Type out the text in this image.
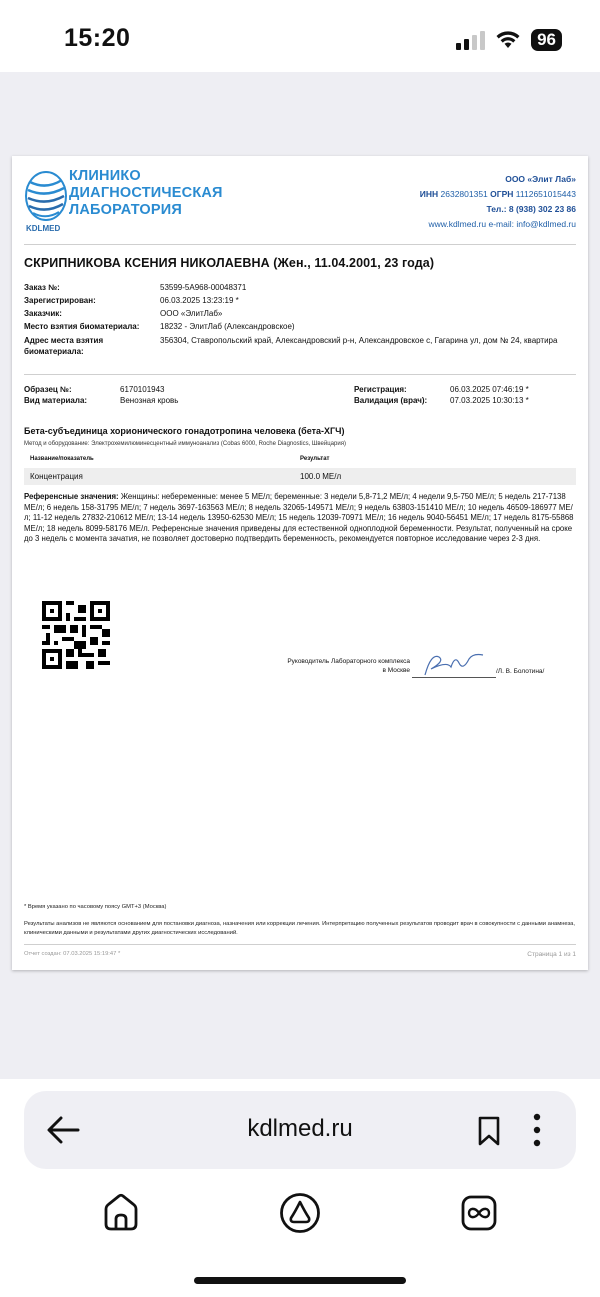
15:20	96
KDLMED
КЛИНИКО
ДИАГНОСТИЧЕСКАЯ
ЛАБОРАТОРИЯ
ООО «Элит Лаб»
ИНН 2632801351 ОГРН 1112651015443
Тел.: 8 (938) 302 23 86
www.kdlmed.ru e-mail: info@kdlmed.ru
СКРИПНИКОВА КСЕНИЯ НИКОЛАЕВНА (Жен., 11.04.2001, 23 года)
Заказ №:	53599-5A968-00048371
Зарегистрирован:	06.03.2025 13:23:19 *
Заказчик:	ООО «ЭлитЛаб»
Место взятия биоматериала:	18232 - ЭлитЛаб (Александровское)
Адрес места взятия биоматериала:
356304, Ставропольский край, Александровский р-н, Александровское с, Гагарина ул, дом № 24, квартира
Образец №:	6170101943
Вид материала:	Венозная кровь
Регистрация:	06.03.2025 07:46:19 *
Валидация (врач):	07.03.2025 10:30:13 *
Бета-субъединица хорионического гонадотропина человека (бета-ХГЧ)
Метод и оборудование: Электрохемилюминесцентный иммуноанализ (Cobas 6000, Roche Diagnostics, Швейцария)
Название/показатель	Результат
Концентрация	100.0 МЕ/л
Референсные значения: Женщины: небеременные: менее 5 МЕ/л; беременные: 3 недели 5,8-71,2 МЕ/л; 4 недели 9,5-750 МЕ/л; 5 недель 217-7138 МЕ/л; 6 недель 158-31795 МЕ/л; 7 недель 3697-163563 МЕ/л; 8 недель 32065-149571 МЕ/л; 9 недель 63803-151410 МЕ/л; 10 недель 46509-186977 МЕ/л; 11-12 недель 27832-210612 МЕ/л; 13-14 недель 13950-62530 МЕ/л; 15 недель 12039-70971 МЕ/л; 16 недель 9040-56451 МЕ/л; 17 недель 8175-55868 МЕ/л; 18 недель 8099-58176 МЕ/л. Референсные значения приведены для естественной одноплодной беременности. Результат, полученный на сроке до 3 недель с момента зачатия, не позволяет достоверно подтвердить беременность, рекомендуется повторное исследование через 2-3 дня.
Руководитель Лабораторного комплекса
в Москве	/Л. В. Болотина/
* Время указано по часовому поясу GMT+3 (Москва)
Результаты анализов не являются основанием для постановки диагноза, назначения или коррекции лечения. Интерпретацию полученных результатов проводит врач в совокупности с данными анамнеза, клиническими данными и результатами других диагностических исследований.
Отчет создан: 07.03.2025 15:19:47 *	Страница 1 из 1
kdlmed.ru
